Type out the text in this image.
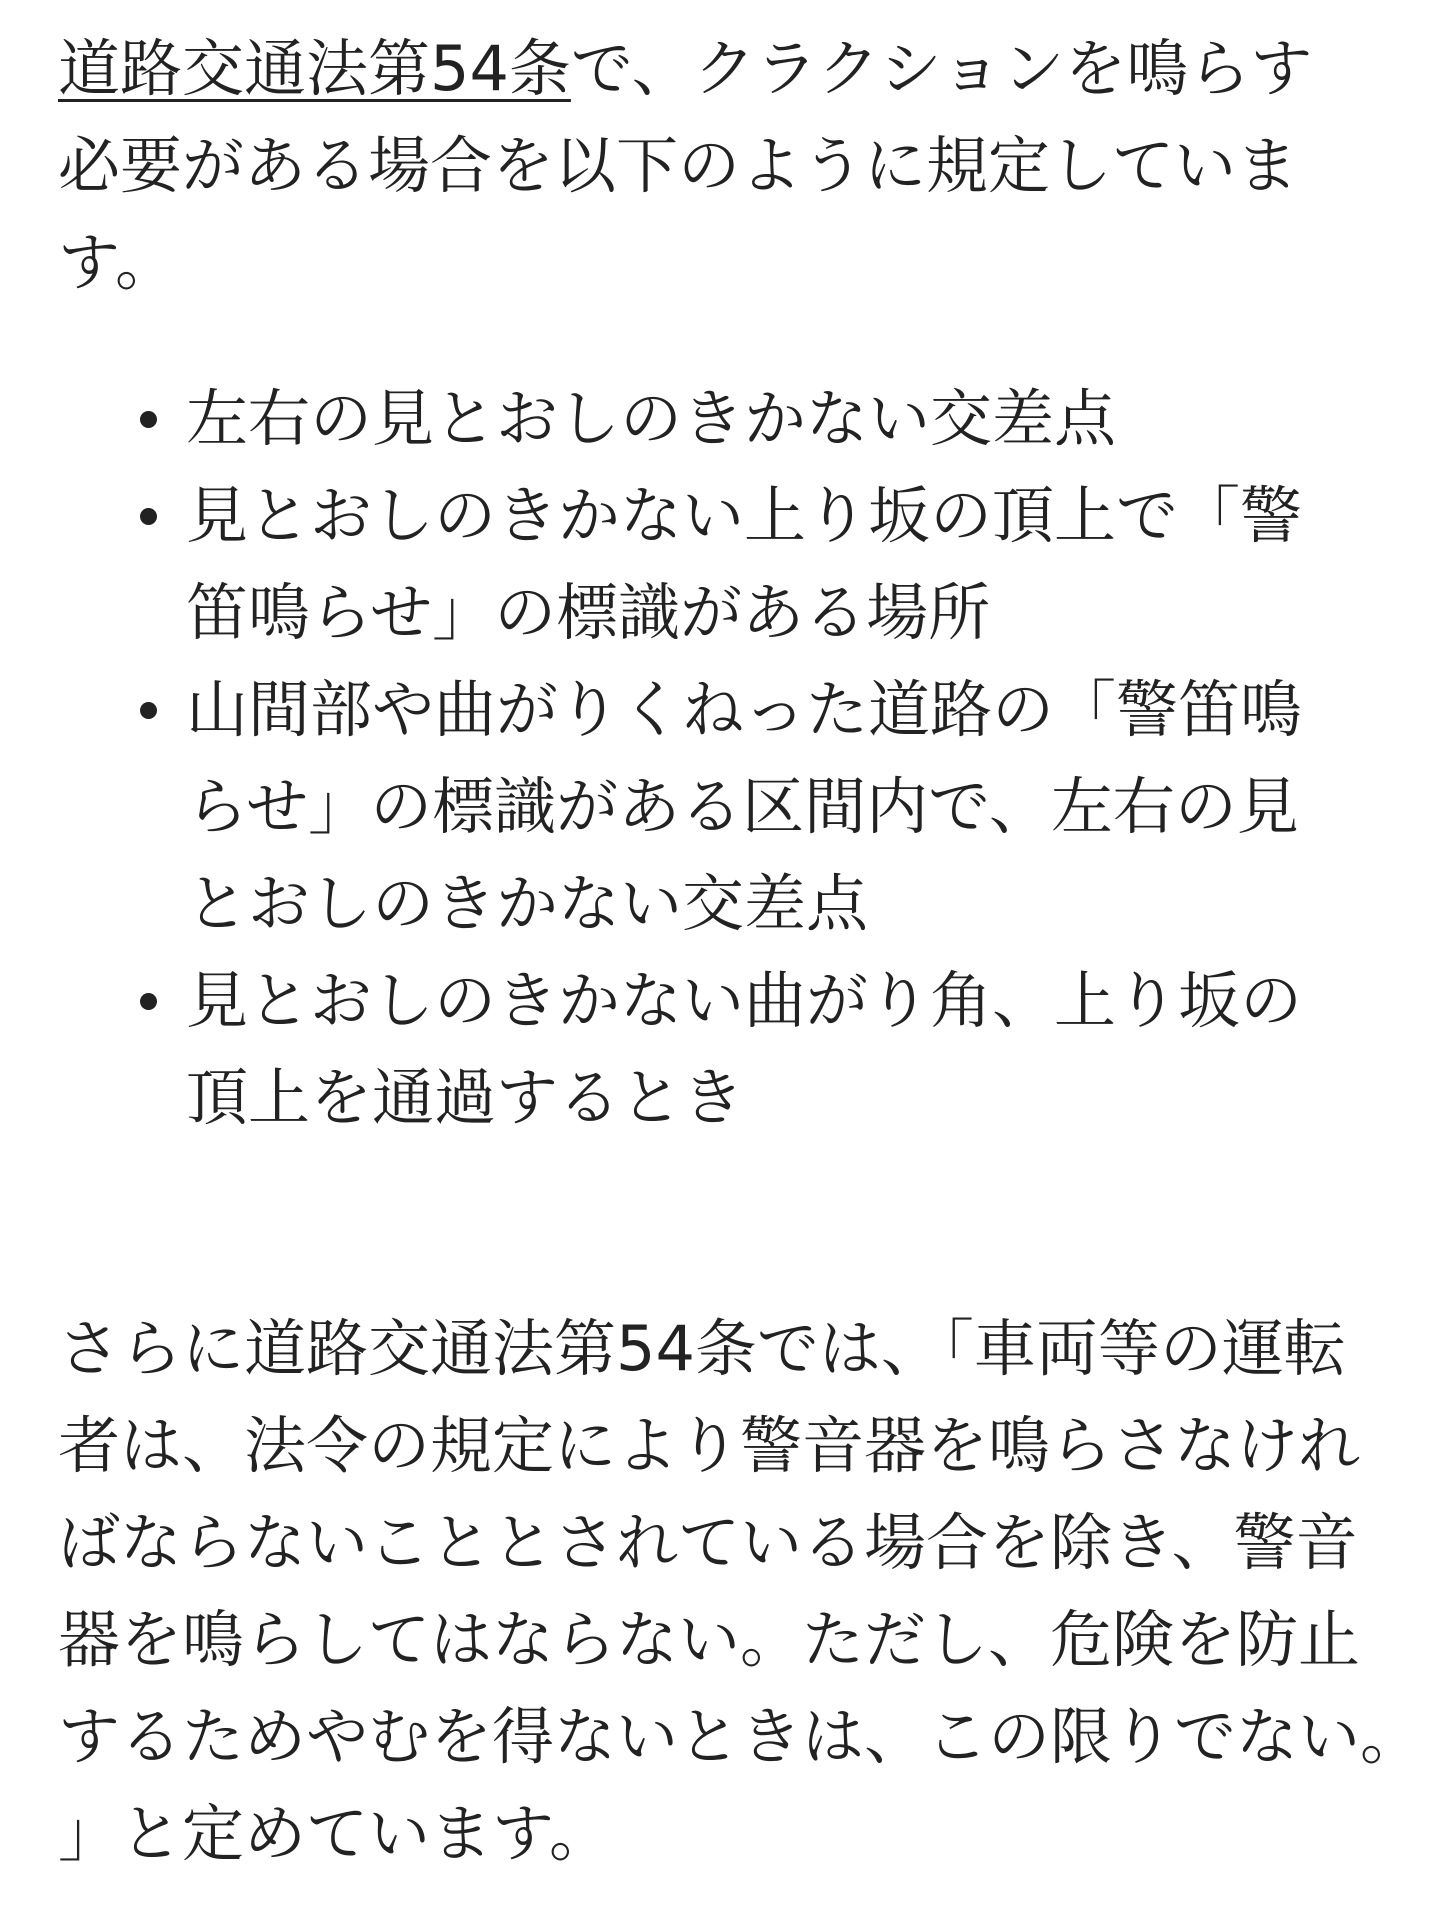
道路交通法第54条で、クラクションを鳴らす必要がある場合を以下のように規定しています。

左右の見とおしのきかない交差点
見とおしのきかない上り坂の頂上で「警笛鳴らせ」の標識がある場所
山間部や曲がりくねった道路の「警笛鳴らせ」の標識がある区間内で、左右の見とおしのきかない交差点
見とおしのきかない曲がり角、上り坂の頂上を通過するとき

さらに道路交通法第54条では、「車両等の運転者は、法令の規定により警音器を鳴らさなければならないこととされている場合を除き、警音器を鳴らしてはならない。ただし、危険を防止するためやむを得ないときは、この限りでない。」と定めています。
